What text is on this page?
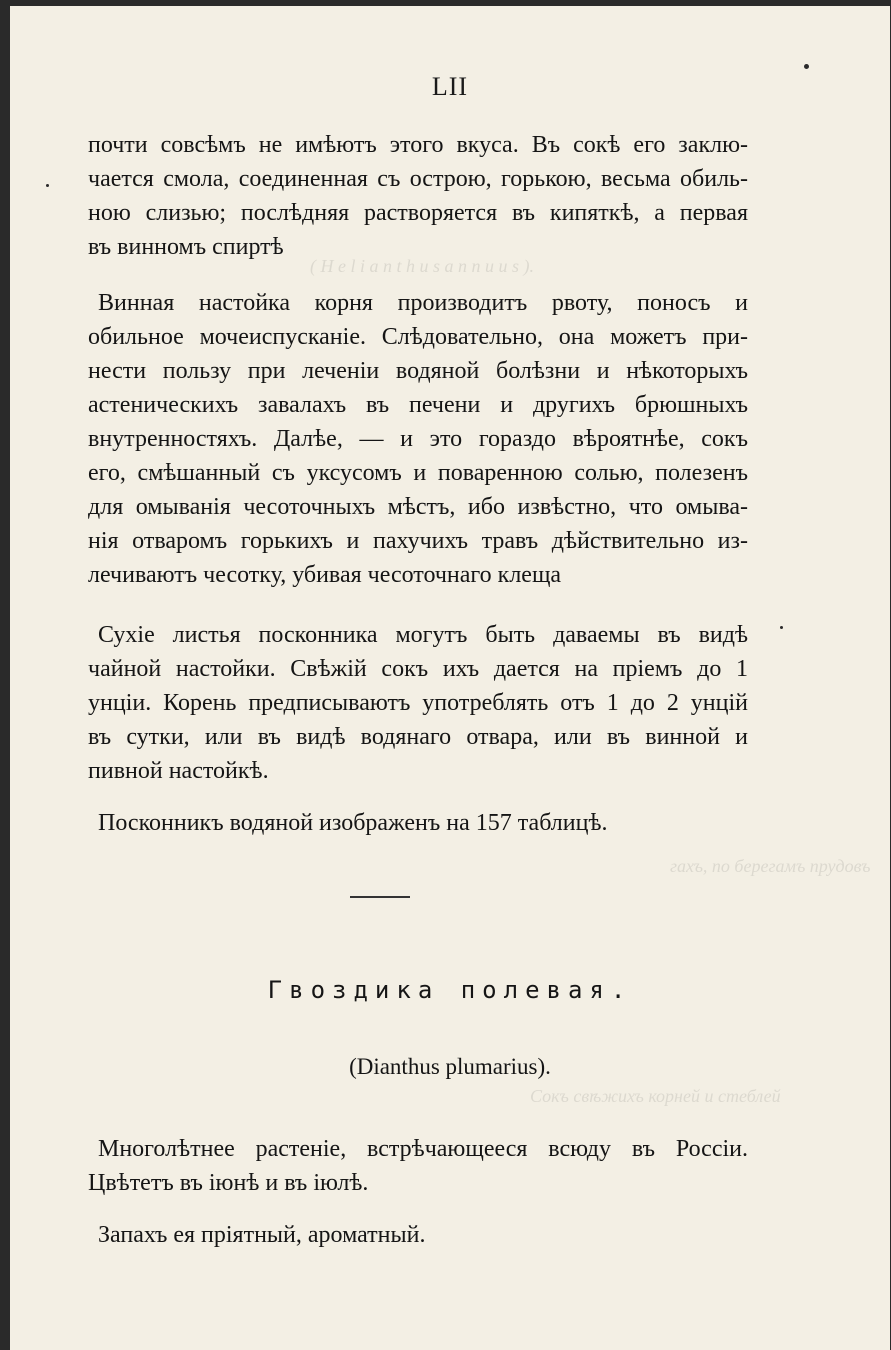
( H e l i a n t h u s a n n u u s ).
гахъ, по берегамъ прудовъ
Сокъ свѣжихъ корней и стеблей
LII
почти совсѣмъ не имѣютъ этого вкуса. Въ сокѣ его заклю-
чается смола, соединенная съ острою, горькою, весьма обиль-
ною слизью; послѣдняя растворяется въ кипяткѣ, а первая
въ винномъ спиртѣ
Винная настойка корня производитъ рвоту, поносъ и
обильное мочеиспусканіе. Слѣдовательно, она можетъ при-
нести пользу при леченіи водяной болѣзни и нѣкоторыхъ
астеническихъ завалахъ въ печени и другихъ брюшныхъ
внутренностяхъ. Далѣе, — и это гораздо вѣроятнѣе, сокъ
его, смѣшанный съ уксусомъ и поваренною солью, полезенъ
для омыванія чесоточныхъ мѣстъ, ибо извѣстно, что омыва-
нія отваромъ горькихъ и пахучихъ травъ дѣйствительно из-
лечиваютъ чесотку, убивая чесоточнаго клеща
Сухіе листья посконника могутъ быть даваемы въ видѣ
чайной настойки. Свѣжій сокъ ихъ дается на пріемъ до 1
унціи. Корень предписываютъ употреблять отъ 1 до 2 унцій
въ сутки, или въ видѣ водянаго отвара, или въ винной и
пивной настойкѣ.
Посконникъ водяной изображенъ на 157 таблицѣ.
Гвоздика полевая.
(Dianthus plumarius).
Многолѣтнее растеніе, встрѣчающееся всюду въ Россіи.
Цвѣтетъ въ іюнѣ и въ іюлѣ.
Запахъ ея пріятный, ароматный.
